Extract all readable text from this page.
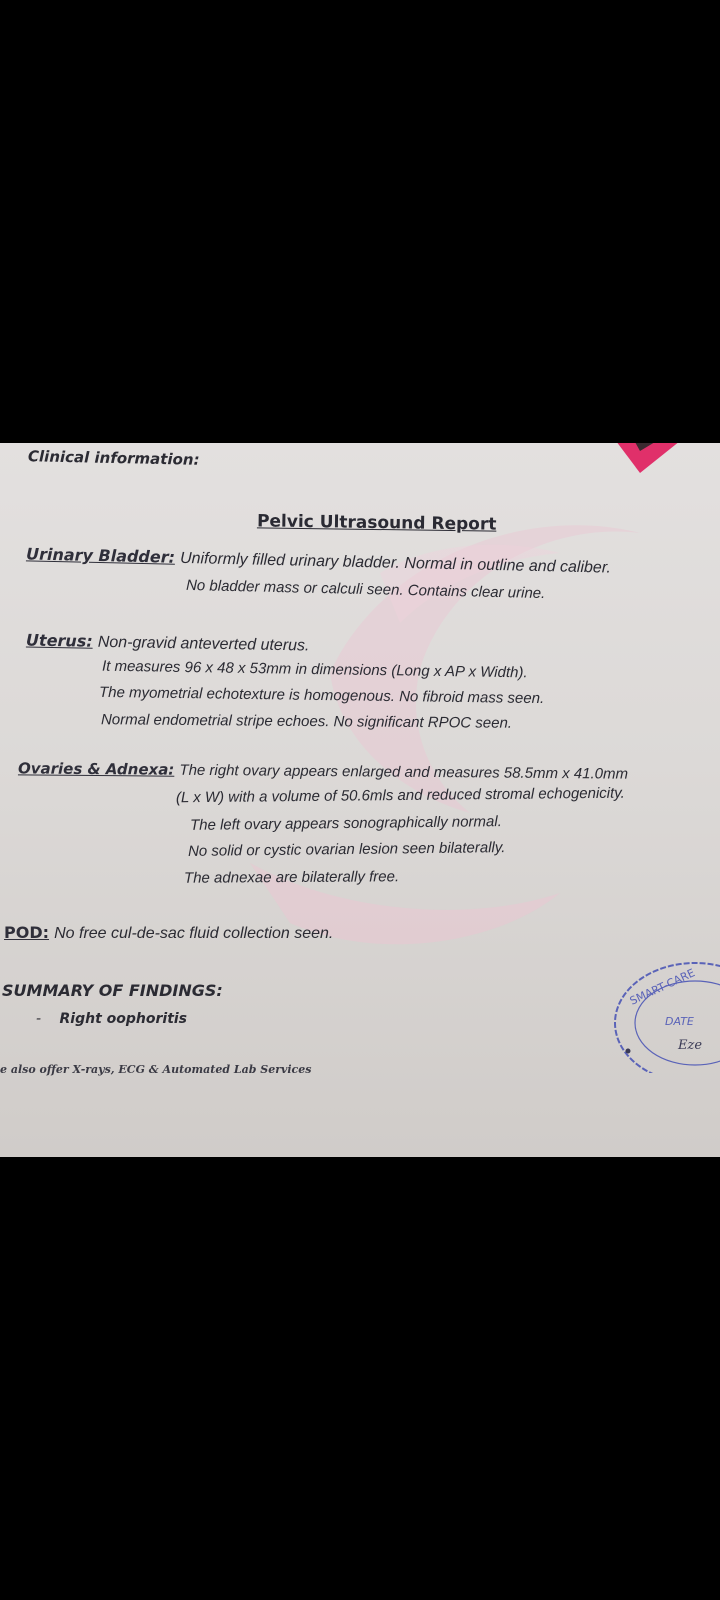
Clinical information:
Pelvic Ultrasound Report
Urinary Bladder: Uniformly filled urinary bladder. Normal in outline and caliber.
No bladder mass or calculi seen. Contains clear urine.
Uterus: Non-gravid anteverted uterus.
It measures 96 x 48 x 53mm in dimensions (Long x AP x Width).
The myometrial echotexture is homogenous. No fibroid mass seen.
Normal endometrial stripe echoes. No significant RPOC seen.
Ovaries & Adnexa: The right ovary appears enlarged and measures 58.5mm x 41.0mm
(L x W) with a volume of 50.6mls and reduced stromal echogenicity.
The left ovary appears sonographically normal.
No solid or cystic ovarian lesion seen bilaterally.
The adnexae are bilaterally free.
POD: No free cul-de-sac fluid collection seen.
SUMMARY OF FINDINGS:
- Right oophoritis
e also offer X-rays, ECG & Automated Lab Services
SMART-CARE
DATE
Eze
